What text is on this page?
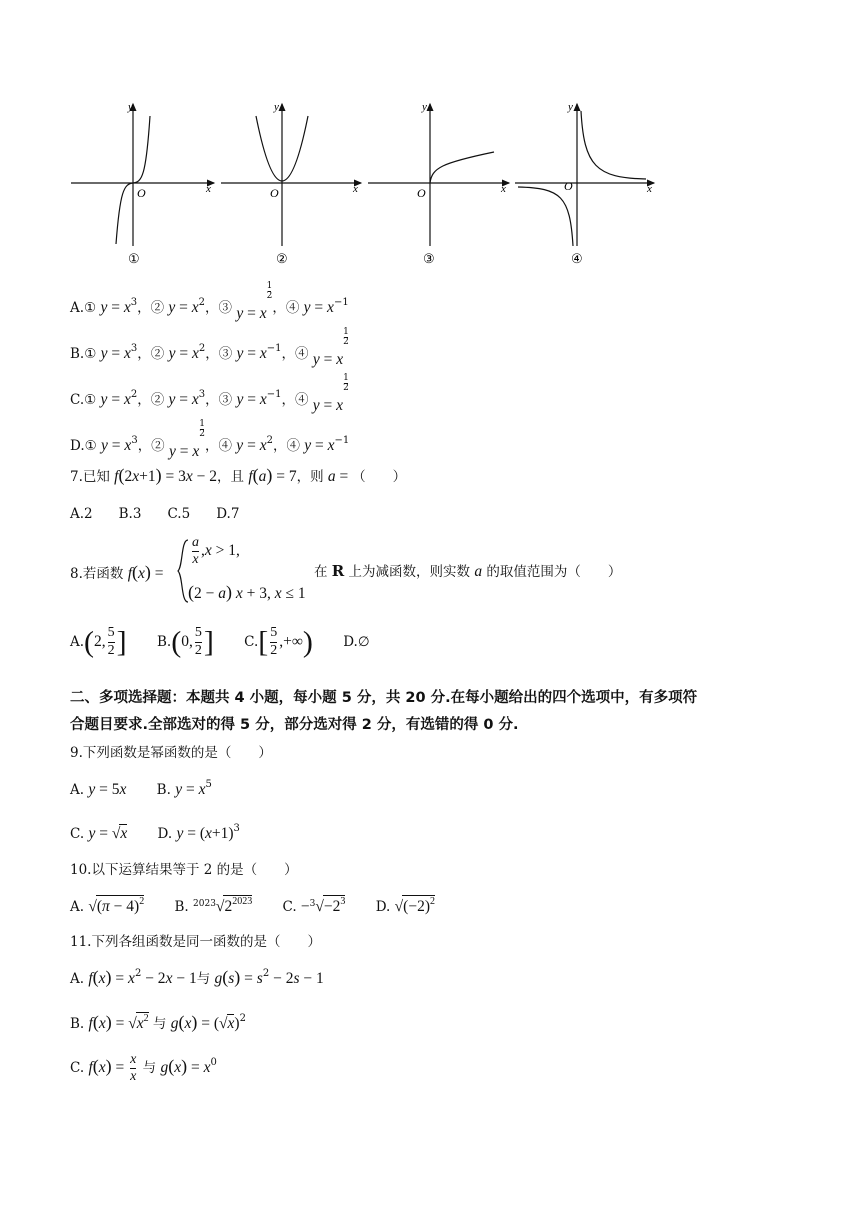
y
x
O
①
y
x
O
②
y
x
O
③
y
x
O
④
A.① $y = x^3$，② $y = x^2$，③ y = x1
2，④ $y = x^{-1}$
B.① $y = x^3$，② $y = x^2$，③ $y = x^{-1}$，④ y = x1
2
C.① $y = x^2$，② $y = x^3$，③ $y = x^{-1}$，④ y = x1
2
D.① $y = x^3$，② y = x1
2，④ $y = x^2$，④ $y = x^{-1}$
7.已知 f(2x+1) = 3x − 2，且 f(a) = 7，则 a = （　　）
A.2 B.3 C.5 D.7
8.若函数 f(x) =
$\frac{a}{x} ,x > 1$,
(2 − a) x + 3, x ≤ 1
在 R 上为减函数，则实数 a 的取值范围为（　　）
A.(2, $\frac{5}{2}$ ] B.(0, $\frac{5}{2}$ ] $C.[ \frac{5}{2}$ ,+∞) D.∅
二、多项选择题：本题共 4 小题，每小题 5 分，共 20 分.在每小题给出的四个选项中，有多项符
合题目要求.全部选对的得 5 分，部分选对得 2 分，有选错的得 0 分.
9.下列函数是幂函数的是（　　）
A. y = 5x B. $y = x^5$
C. y = √x D. $y = (x+1)^3$
10.以下运算结果等于 2 的是（　　）
A. $√(\pi - 4)^2$ B. $^{2023}√2^{2023}$ C. $-^3√-2^3$ D. $√(-2)^2$
11.下列各组函数是同一函数的是（　　）
A. $f(x) = x^2 - 2x - 1$与 $g(s) = s^2 - 2s - 1$
B. $f(x) = √x^2$ 与 $g(x) = (√x)^2$
C. $f(x) = \frac{x}{x}$ 与 $g(x) = x^0$
